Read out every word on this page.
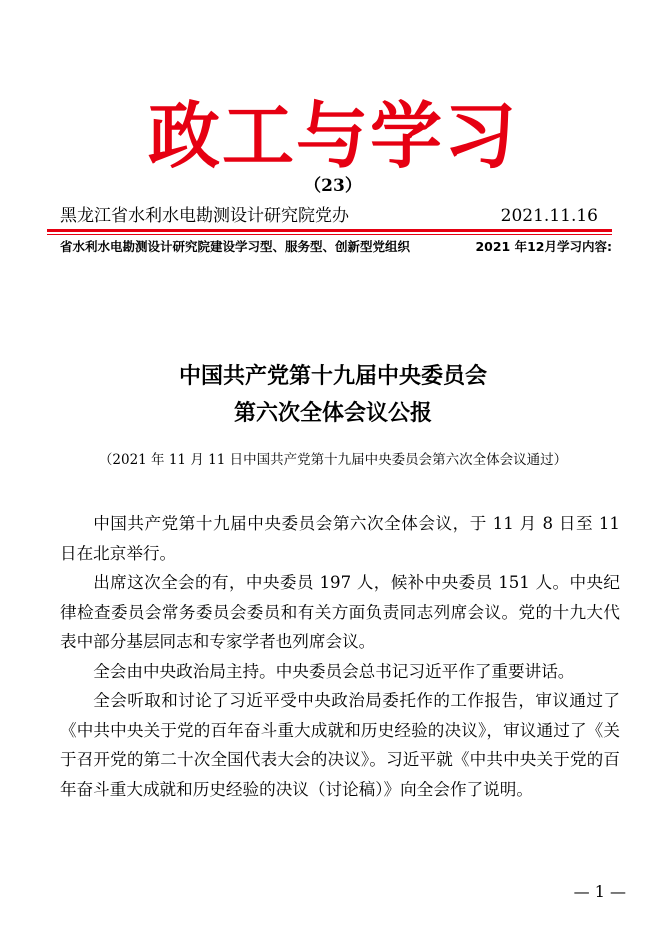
政工与学习
（23）
黑龙江省水利水电勘测设计研究院党办	2021.11.16
省水利水电勘测设计研究院建设学习型、服务型、创新型党组织	2021 年12月学习内容:
中国共产党第十九届中央委员会
第六次全体会议公报
（2021 年 11 月 11 日中国共产党第十九届中央委员会第六次全体会议通过）

中国共产党第十九届中央委员会第六次全体会议，于 11 月 8 日至 11 日在北京举行。

出席这次全会的有，中央委员 197 人，候补中央委员 151 人。中央纪律检查委员会常务委员会委员和有关方面负责同志列席会议。党的十九大代表中部分基层同志和专家学者也列席会议。

全会由中央政治局主持。中央委员会总书记习近平作了重要讲话。

全会听取和讨论了习近平受中央政治局委托作的工作报告，审议通过了《中共中央关于党的百年奋斗重大成就和历史经验的决议》，审议通过了《关于召开党的第二十次全国代表大会的决议》。习近平就《中共中央关于党的百年奋斗重大成就和历史经验的决议（讨论稿）》向全会作了说明。

— 1 —
